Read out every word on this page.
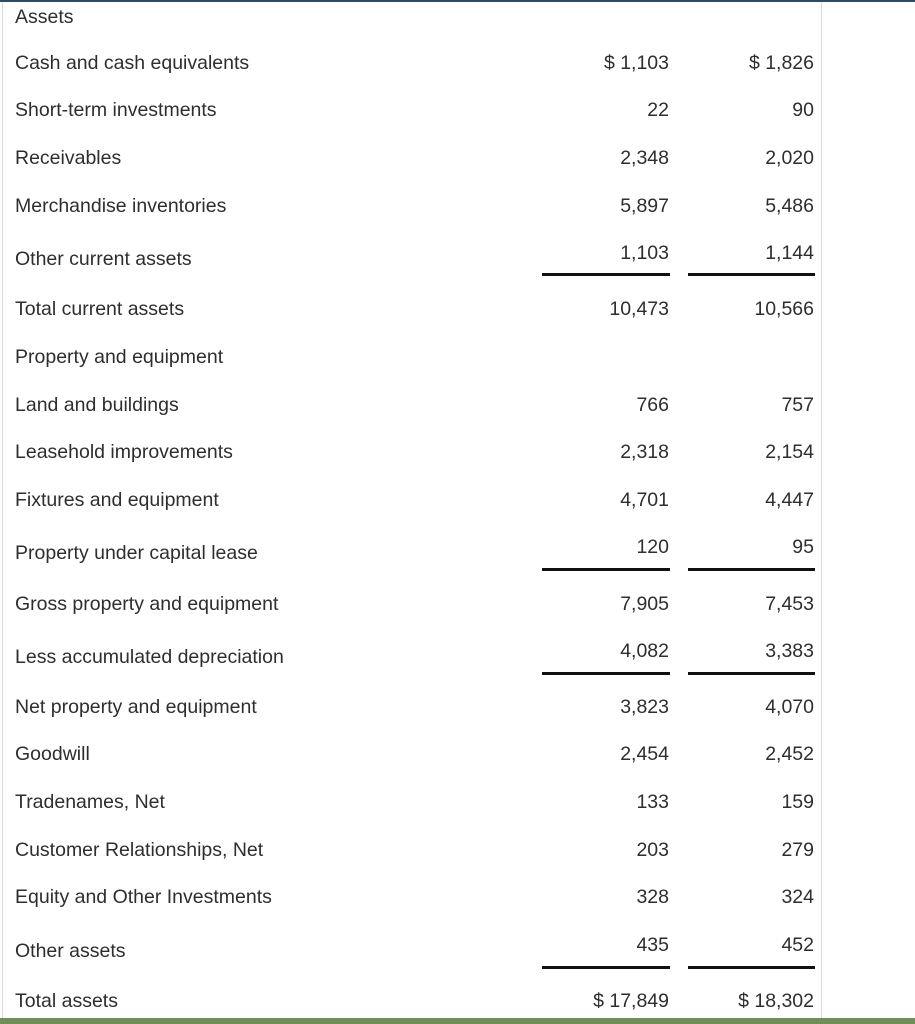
Assets
Cash and cash equivalents	$ 1,103	$ 1,826
Short-term investments	22	90
Receivables	2,348	2,020
Merchandise inventories	5,897	5,486
Other current assets	1,103	1,144
Total current assets	10,473	10,566
Property and equipment
Land and buildings	766	757
Leasehold improvements	2,318	2,154
Fixtures and equipment	4,701	4,447
Property under capital lease	120	95
Gross property and equipment	7,905	7,453
Less accumulated depreciation	4,082	3,383
Net property and equipment	3,823	4,070
Goodwill	2,454	2,452
Tradenames, Net	133	159
Customer Relationships, Net	203	279
Equity and Other Investments	328	324
Other assets	435	452
Total assets	$ 17,849	$ 18,302
